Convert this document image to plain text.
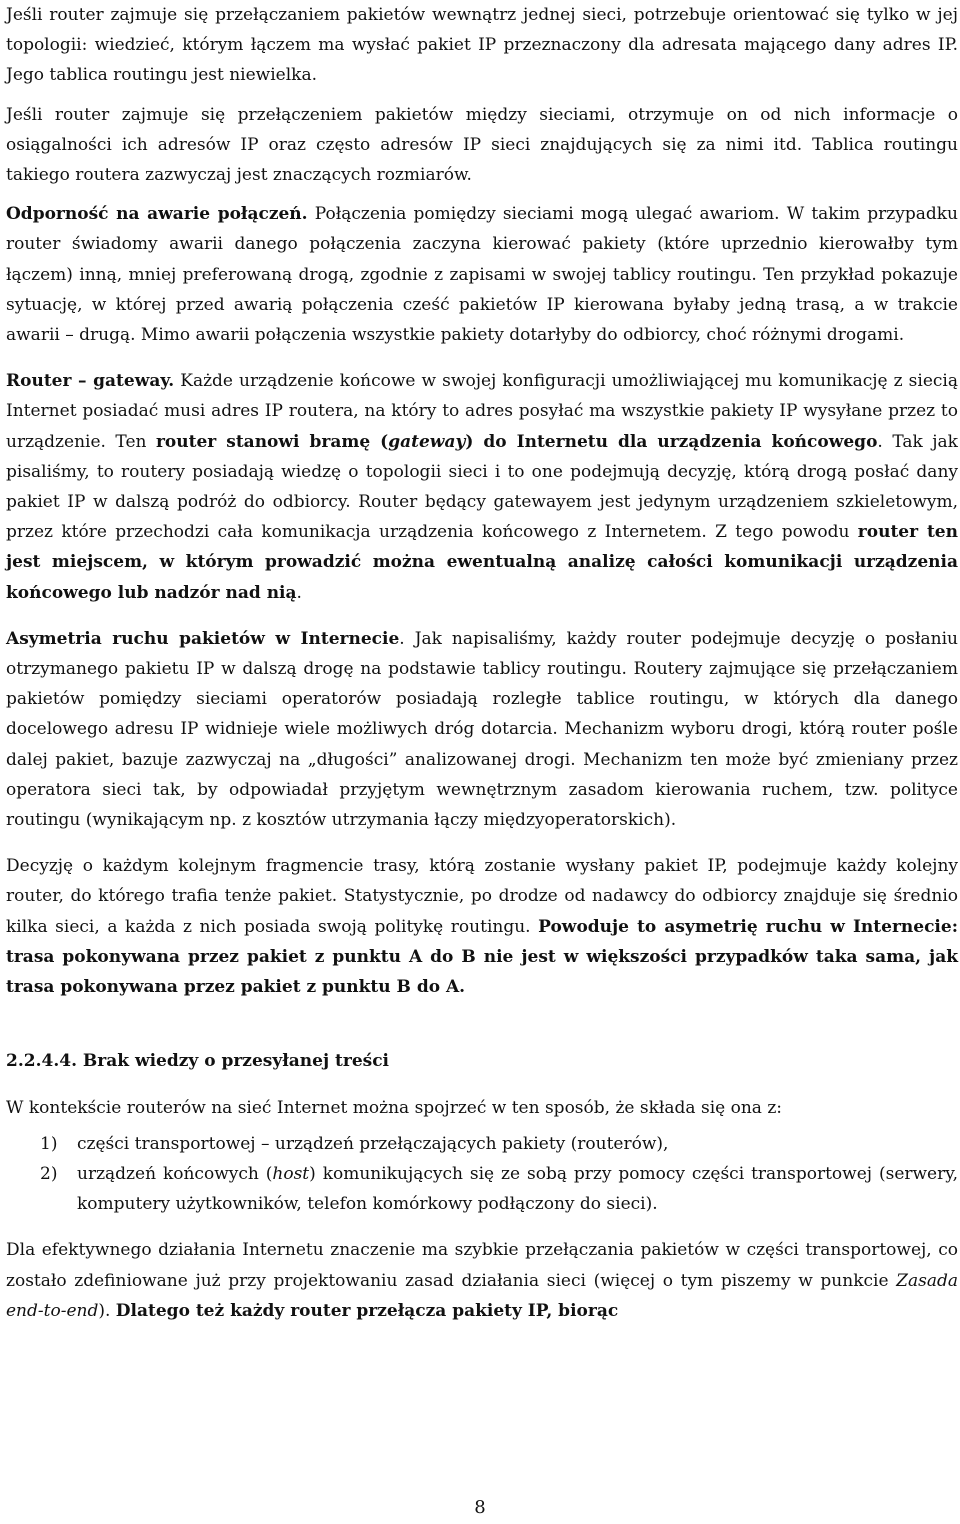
Jeśli router zajmuje się przełączaniem pakietów wewnątrz jednej sieci, potrzebuje orientować się tylko w jej topologii: wiedzieć, którym łączem ma wysłać pakiet IP przeznaczony dla adresata mającego dany adres IP. Jego tablica routingu jest niewielka.

Jeśli router zajmuje się przełączeniem pakietów między sieciami, otrzymuje on od nich informacje o osiągalności ich adresów IP oraz często adresów IP sieci znajdujących się za nimi itd. Tablica routingu takiego routera zazwyczaj jest znaczących rozmiarów.

Odporność na awarie połączeń. Połączenia pomiędzy sieciami mogą ulegać awariom. W takim przypadku router świadomy awarii danego połączenia zaczyna kierować pakiety (które uprzednio kierowałby tym łączem) inną, mniej preferowaną drogą, zgodnie z zapisami w swojej tablicy routingu. Ten przykład pokazuje sytuację, w której przed awarią połączenia cześć pakietów IP kierowana byłaby jedną trasą, a w trakcie awarii – drugą. Mimo awarii połączenia wszystkie pakiety dotarłyby do odbiorcy, choć różnymi drogami.

Router – gateway. Każde urządzenie końcowe w swojej konfiguracji umożliwiającej mu komunikację z siecią Internet posiadać musi adres IP routera, na który to adres posyłać ma wszystkie pakiety IP wysyłane przez to urządzenie. Ten router stanowi bramę (gateway) do Internetu dla urządzenia końcowego. Tak jak pisaliśmy, to routery posiadają wiedzę o topologii sieci i to one podejmują decyzję, którą drogą posłać dany pakiet IP w dalszą podróż do odbiorcy. Router będący gatewayem jest jedynym urządzeniem szkieletowym, przez które przechodzi cała komunikacja urządzenia końcowego z Internetem. Z tego powodu router ten jest miejscem, w którym prowadzić można ewentualną analizę całości komunikacji urządzenia końcowego lub nadzór nad nią.

Asymetria ruchu pakietów w Internecie. Jak napisaliśmy, każdy router podejmuje decyzję o posłaniu otrzymanego pakietu IP w dalszą drogę na podstawie tablicy routingu. Routery zajmujące się przełączaniem pakietów pomiędzy sieciami operatorów posiadają rozległe tablice routingu, w których dla danego docelowego adresu IP widnieje wiele możliwych dróg dotarcia. Mechanizm wyboru drogi, którą router pośle dalej pakiet, bazuje zazwyczaj na „długości” analizowanej drogi. Mechanizm ten może być zmieniany przez operatora sieci tak, by odpowiadał przyjętym wewnętrznym zasadom kierowania ruchem, tzw. polityce routingu (wynikającym np. z kosztów utrzymania łączy międzyoperatorskich).

Decyzję o każdym kolejnym fragmencie trasy, którą zostanie wysłany pakiet IP, podejmuje każdy kolejny router, do którego trafia tenże pakiet. Statystycznie, po drodze od nadawcy do odbiorcy znajduje się średnio kilka sieci, a każda z nich posiada swoją politykę routingu. Powoduje to asymetrię ruchu w Internecie: trasa pokonywana przez pakiet z punktu A do B nie jest w większości przypadków taka sama, jak trasa pokonywana przez pakiet z punktu B do A.

2.2.4.4. Brak wiedzy o przesyłanej treści

W kontekście routerów na sieć Internet można spojrzeć w ten sposób, że składa się ona z:

1) części transportowej – urządzeń przełączających pakiety (routerów),
2) urządzeń końcowych (host) komunikujących się ze sobą przy pomocy części transportowej (serwery, komputery użytkowników, telefon komórkowy podłączony do sieci).

Dla efektywnego działania Internetu znaczenie ma szybkie przełączania pakietów w części transportowej, co zostało zdefiniowane już przy projektowaniu zasad działania sieci (więcej o tym piszemy w punkcie Zasada end-to-end). Dlatego też każdy router przełącza pakiety IP, biorąc

8
